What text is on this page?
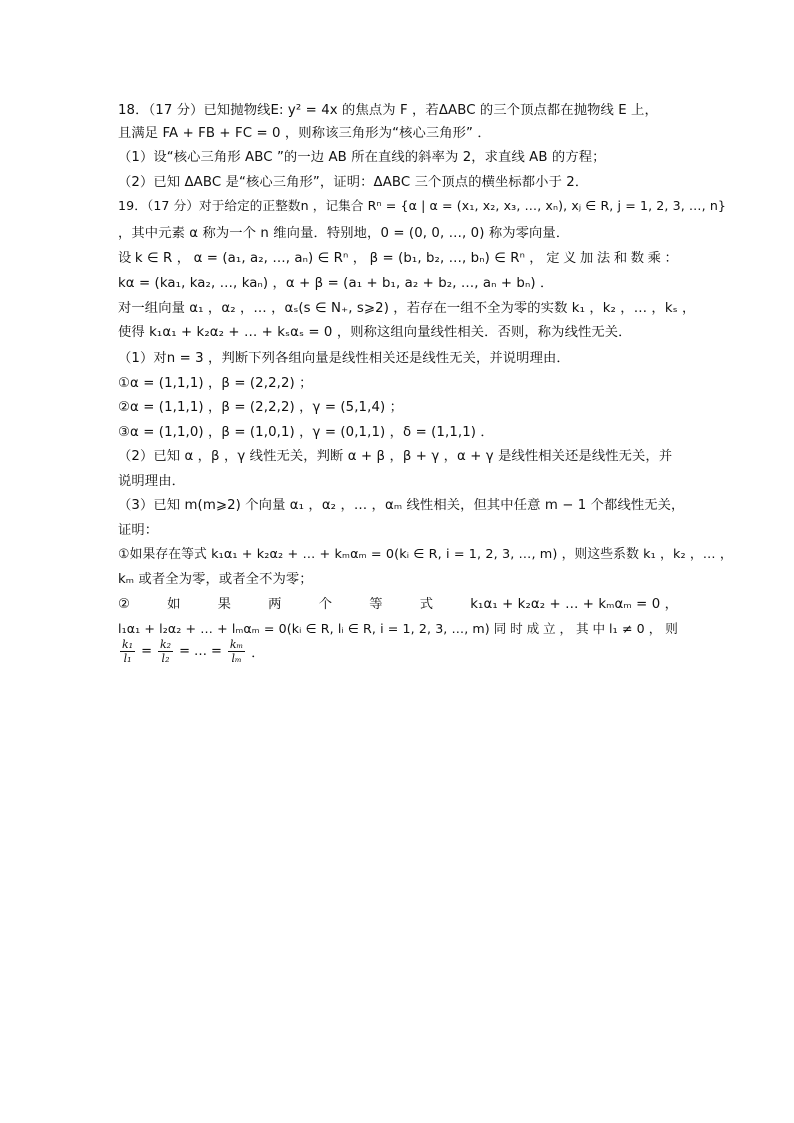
18．（17 分）已知抛物线E: y² = 4x 的焦点为 F ，若ΔABC 的三个顶点都在抛物线 E 上，
且满足 FA + FB + FC = 0 ，则称该三角形为“核心三角形” ．
（1）设“核心三角形 ABC ”的一边 AB 所在直线的斜率为 2，求直线 AB 的方程；
（2）已知 ΔABC 是“核心三角形”，证明：ΔABC 三个顶点的横坐标都小于 2．
19．（17 分）对于给定的正整数n ，记集合 Rⁿ = {α | α = (x₁, x₂, x₃, …, xₙ), xⱼ ∈ R, j = 1, 2, 3, …, n}
，其中元素 α 称为一个 n 维向量．特别地，0 = (0, 0, …, 0) 称为零向量．
设 k ∈ R ， α = (a₁, a₂, …, aₙ) ∈ Rⁿ ， β = (b₁, b₂, …, bₙ) ∈ Rⁿ ， 定 义 加 法 和 数 乘 ：
kα = (ka₁, ka₂, …, kaₙ) ，α + β = (a₁ + b₁, a₂ + b₂, …, aₙ + bₙ) ．
对一组向量 α₁ ，α₂ ，… ，αₛ(s ∈ N₊, s⩾2) ，若存在一组不全为零的实数 k₁ ，k₂ ，… ，kₛ ，
使得 k₁α₁ + k₂α₂ + … + kₛαₛ = 0 ，则称这组向量线性相关．否则，称为线性无关．
（1）对n = 3 ，判断下列各组向量是线性相关还是线性无关，并说明理由．
①α = (1,1,1) ，β = (2,2,2) ；
②α = (1,1,1) ，β = (2,2,2) ，γ = (5,1,4) ；
③α = (1,1,0) ，β = (1,0,1) ，γ = (0,1,1) ，δ = (1,1,1) ．
（2）已知 α ，β ，γ 线性无关，判断 α + β ，β + γ ，α + γ 是线性相关还是线性无关，并
说明理由．
（3）已知 m(m⩾2) 个向量 α₁ ，α₂ ，… ，αₘ 线性相关，但其中任意 m − 1 个都线性无关，
证明：
①如果存在等式 k₁α₁ + k₂α₂ + … + kₘαₘ = 0(kᵢ ∈ R, i = 1, 2, 3, …, m) ，则这些系数 k₁ ，k₂ ，… ，
kₘ 或者全为零，或者全不为零；
②	如	果	两	个	等	式	k₁α₁ + k₂α₂ + … + kₘαₘ = 0 ，
l₁α₁ + l₂α₂ + … + lₘαₘ = 0(kᵢ ∈ R, lᵢ ∈ R, i = 1, 2, 3, …, m) 同 时 成 立 ， 其 中 l₁ ≠ 0 ， 则
$\frac{\text{k₁}}{\text{l₁}} = \frac{\text{k₂}}{\text{l₂}}$ = … = $\frac{\text{kₘ}}{\text{lₘ}}$ ．
